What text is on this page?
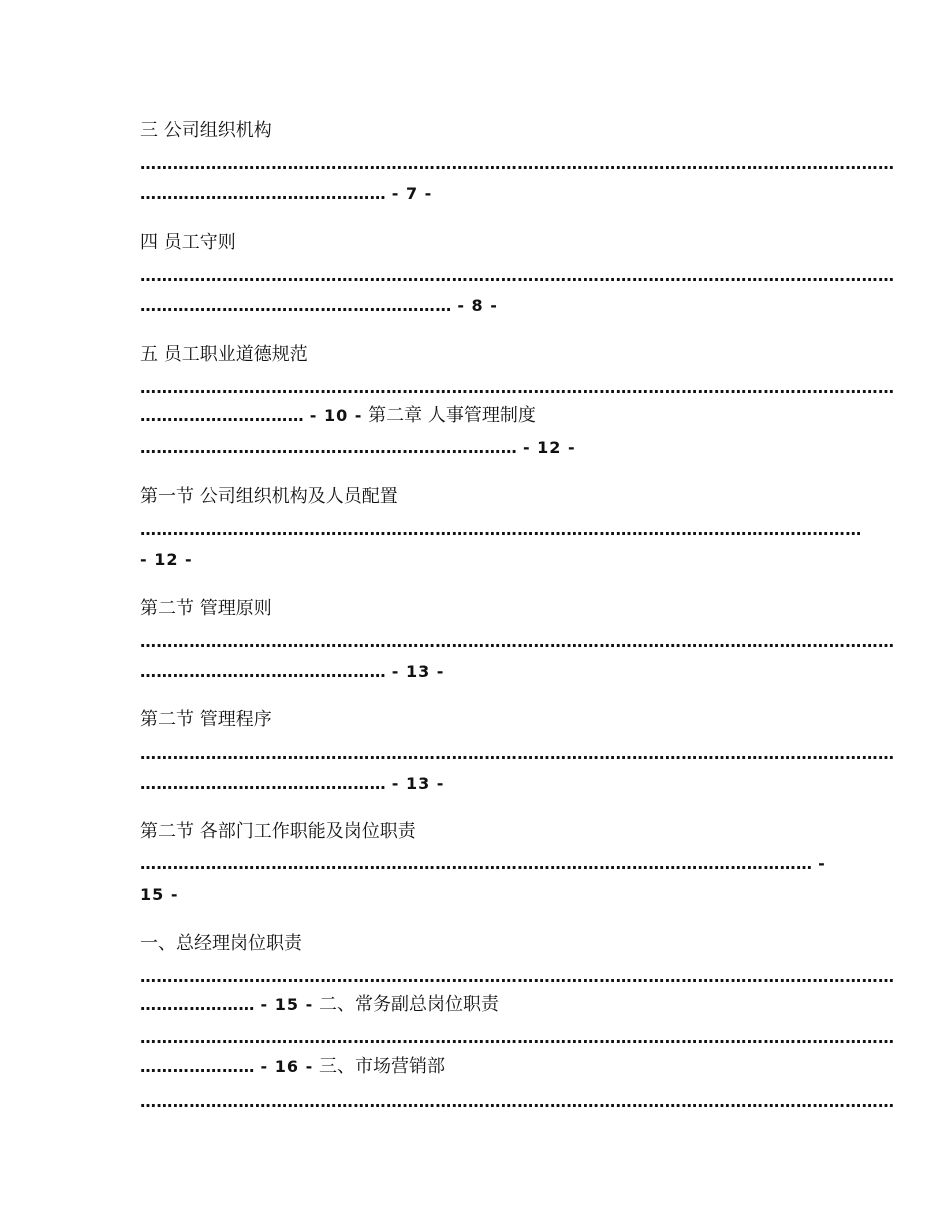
三 公司组织机构
…………………………………………………………………………………………………………………………
……………………………………… - 7 -
四 员工守则
…………………………………………………………………………………………………………………………
………………………………………………… - 8 -
五 员工职业道德规范
…………………………………………………………………………………………………………………………
………………………… - 10 - 第二章 人事管理制度
…………………………………………………………… - 12 -
第一节 公司组织机构及人员配置
……………………………………………………………………………………………………………………
- 12 -
第二节 管理原则
…………………………………………………………………………………………………………………………
……………………………………… - 13 -
第二节 管理程序
…………………………………………………………………………………………………………………………
……………………………………… - 13 -
第二节 各部门工作职能及岗位职责
…………………………………………………………………………………………………………… -
15 -
一、总经理岗位职责
…………………………………………………………………………………………………………………………
………………… - 15 - 二、常务副总岗位职责
…………………………………………………………………………………………………………………………
………………… - 16 - 三、市场营销部
…………………………………………………………………………………………………………………………
